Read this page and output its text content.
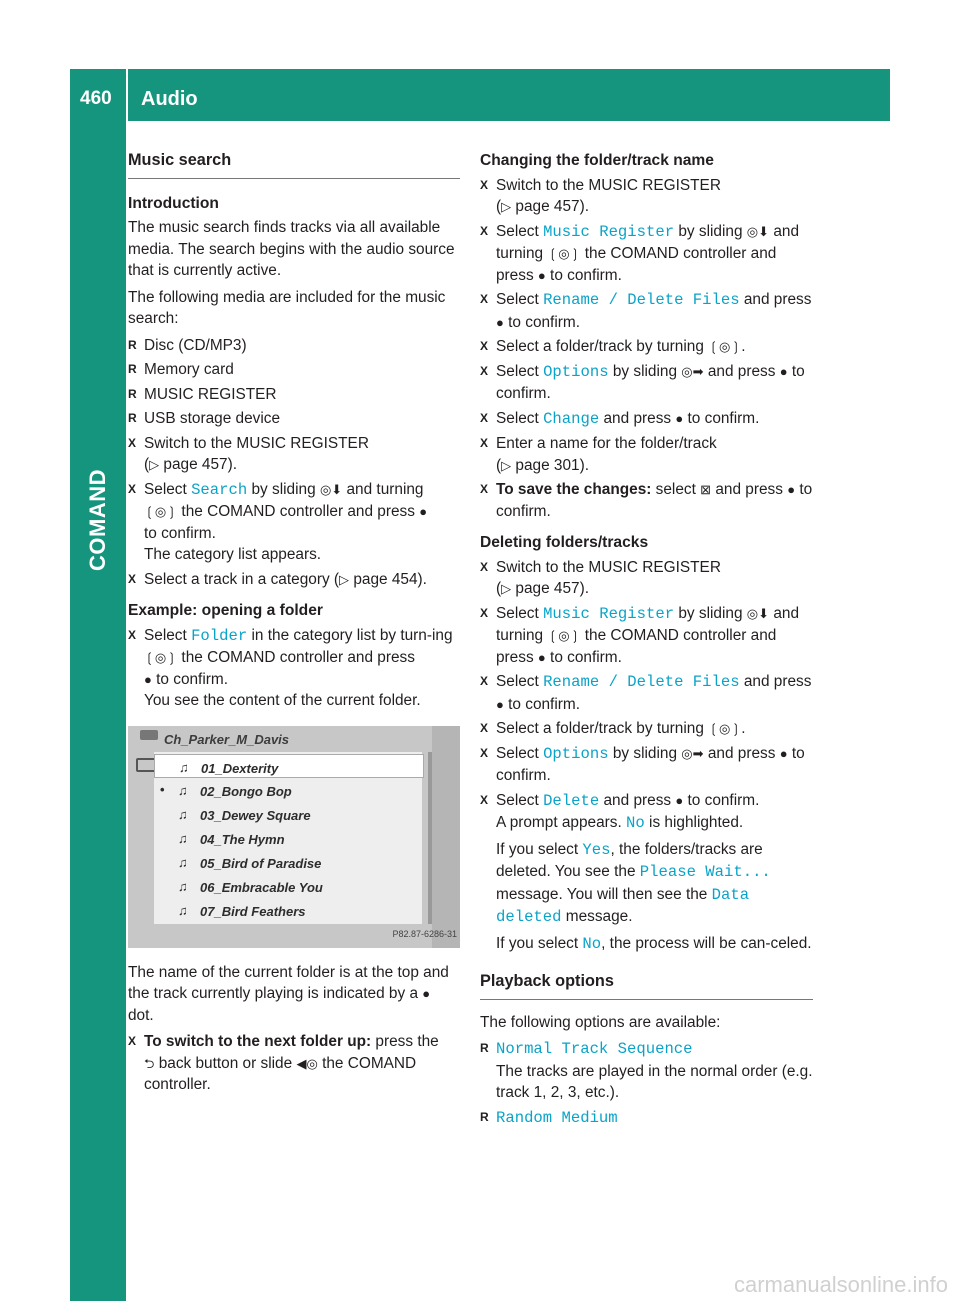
460 Audio
COMAND
Music search
Introduction

The music search finds tracks via all available media. The search begins with the audio source that is currently active.

The following media are included for the music search:

R Disc (CD/MP3)
R Memory card
R MUSIC REGISTER
R USB storage device
X Switch to the MUSIC REGISTER
(▷ page 457).
X Select Search by sliding ◎⬇ and turning
❲◎❳ the COMAND controller and press ●
to confirm.
The category list appears.
X Select a track in a category (▷ page 454).
Example: opening a folder
X Select Folder in the category list by turn-ing ❲◎❳ the COMAND controller and press
● to confirm.
You see the content of the current folder.
Ch_Parker_M_Davis
♫ 01_Dexterity
• ♫ 02_Bongo Bop
♫ 03_Dewey Square
♫ 04_The Hymn
♫ 05_Bird of Paradise
♫ 06_Embracable You
♫ 07_Bird Feathers
P82.87-6286-31

The name of the current folder is at the top and the track currently playing is indicated by a ● dot.

X To switch to the next folder up: press the
⮌ back button or slide ◀◎ the COMAND controller.
Changing the folder/track name
X Switch to the MUSIC REGISTER
(▷ page 457).
X Select Music Register by sliding ◎⬇ and turning ❲◎❳ the COMAND controller and press ● to confirm.
X Select Rename / Delete Files and press ● to confirm.
X Select a folder/track by turning ❲◎❳.
X Select Options by sliding ◎➡ and press ● to confirm.
X Select Change and press ● to confirm.
X Enter a name for the folder/track
(▷ page 301).
X To save the changes: select ⊠ and press ● to confirm.
Deleting folders/tracks
X Switch to the MUSIC REGISTER
(▷ page 457).
X Select Music Register by sliding ◎⬇ and turning ❲◎❳ the COMAND controller and press ● to confirm.
X Select Rename / Delete Files and press ● to confirm.
X Select a folder/track by turning ❲◎❳.
X Select Options by sliding ◎➡ and press ● to confirm.
X Select Delete and press ● to confirm.
A prompt appears. No is highlighted.
If you select Yes, the folders/tracks are deleted. You see the Please Wait... message. You will then see the Data deleted message.
If you select No, the process will be can-celed.
Playback options

The following options are available:

R Normal Track Sequence
The tracks are played in the normal order (e.g. track 1, 2, 3, etc.).
R Random Medium
carmanualsonline.info
